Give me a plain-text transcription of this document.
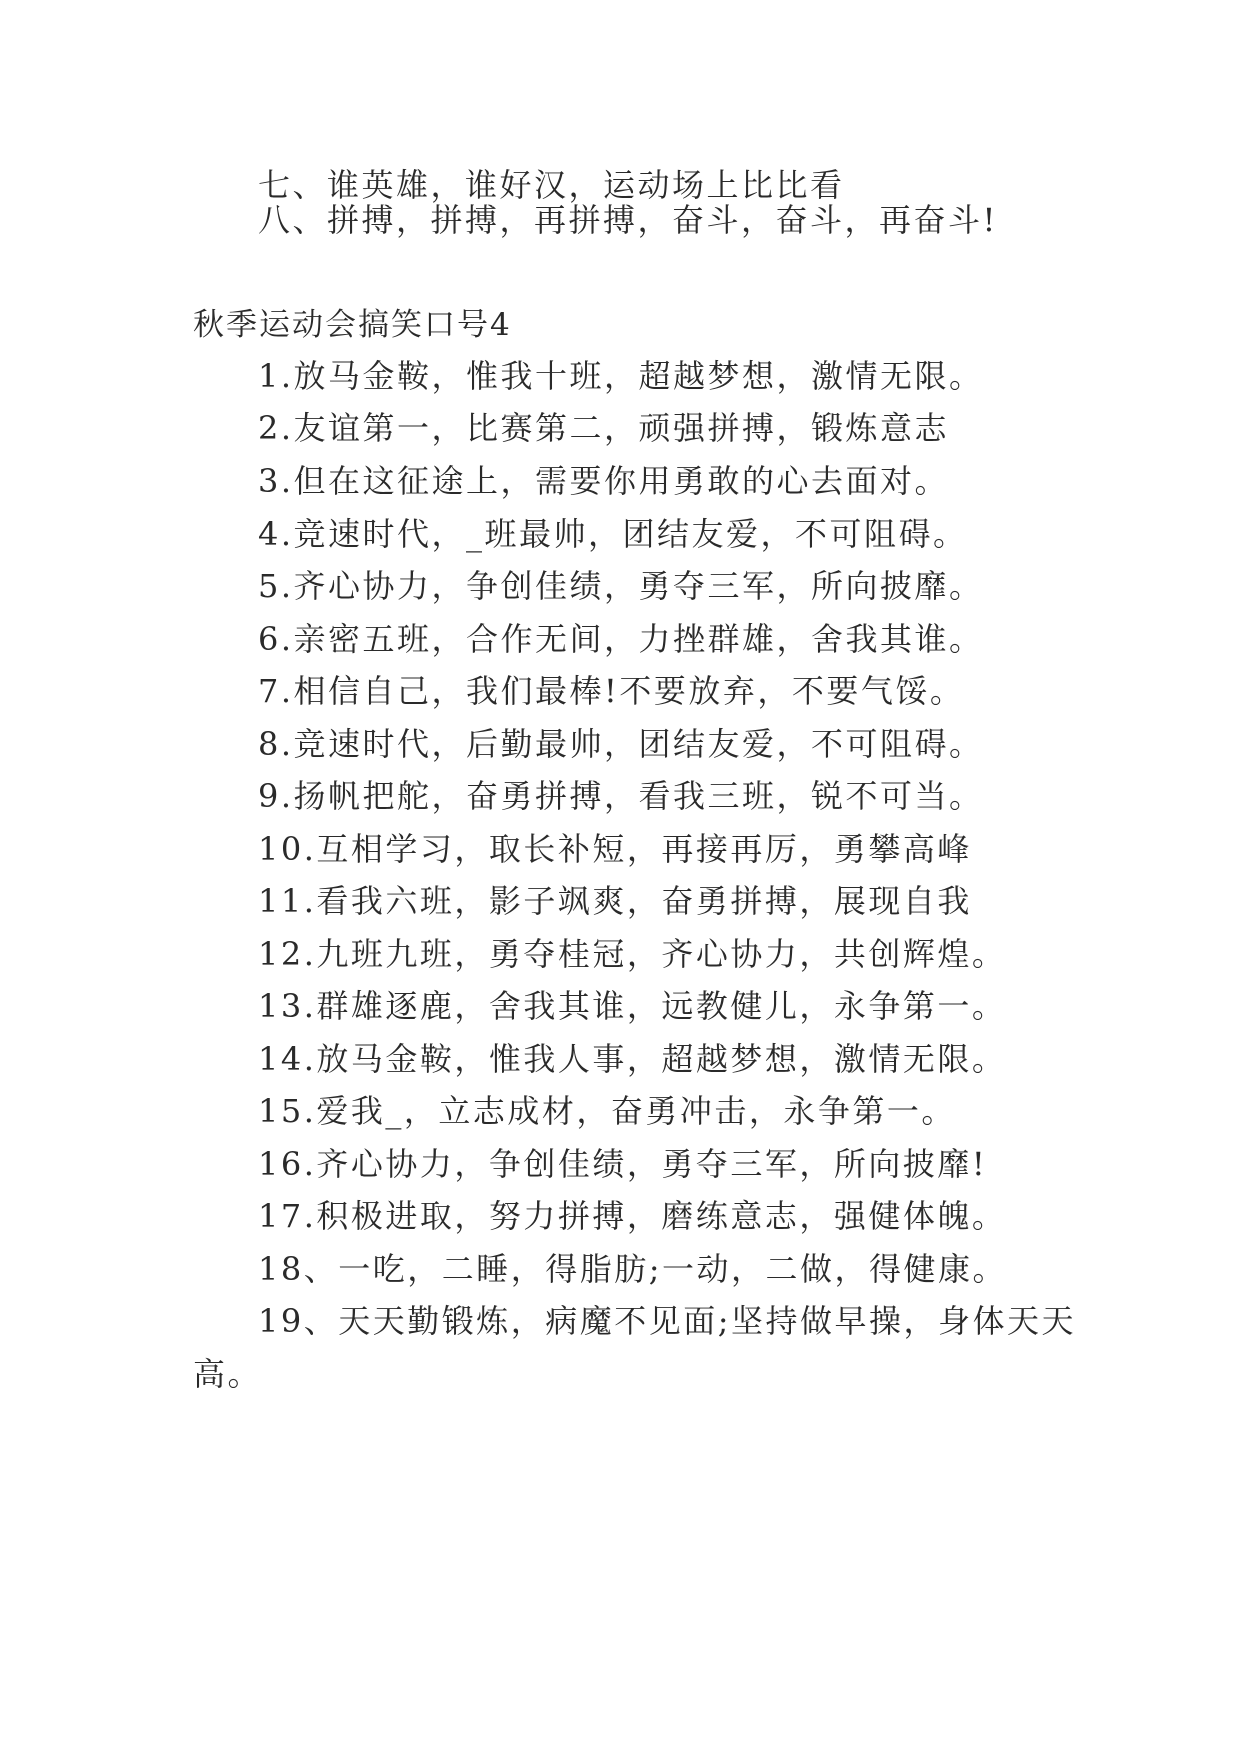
七、谁英雄，谁好汉，运动场上比比看
八、拼搏，拼搏，再拼搏，奋斗，奋斗，再奋斗!
秋季运动会搞笑口号4
1.放马金鞍，惟我十班，超越梦想，激情无限。
2.友谊第一，比赛第二，顽强拼搏，锻炼意志
3.但在这征途上，需要你用勇敢的心去面对。
4.竞速时代，_班最帅，团结友爱，不可阻碍。
5.齐心协力，争创佳绩，勇夺三军，所向披靡。
6.亲密五班，合作无间，力挫群雄，舍我其谁。
7.相信自己，我们最棒!不要放弃，不要气馁。
8.竞速时代，后勤最帅，团结友爱，不可阻碍。
9.扬帆把舵，奋勇拼搏，看我三班，锐不可当。
10.互相学习，取长补短，再接再厉，勇攀高峰
11.看我六班，影子飒爽，奋勇拼搏，展现自我
12.九班九班，勇夺桂冠，齐心协力，共创辉煌。
13.群雄逐鹿，舍我其谁，远教健儿，永争第一。
14.放马金鞍，惟我人事，超越梦想，激情无限。
15.爱我_，立志成材，奋勇冲击，永争第一。
16.齐心协力，争创佳绩，勇夺三军，所向披靡!
17.积极进取，努力拼搏，磨练意志，强健体魄。
18、一吃，二睡，得脂肪;一动，二做，得健康。
19、天天勤锻炼，病魔不见面;坚持做早操，身体天天
高。
